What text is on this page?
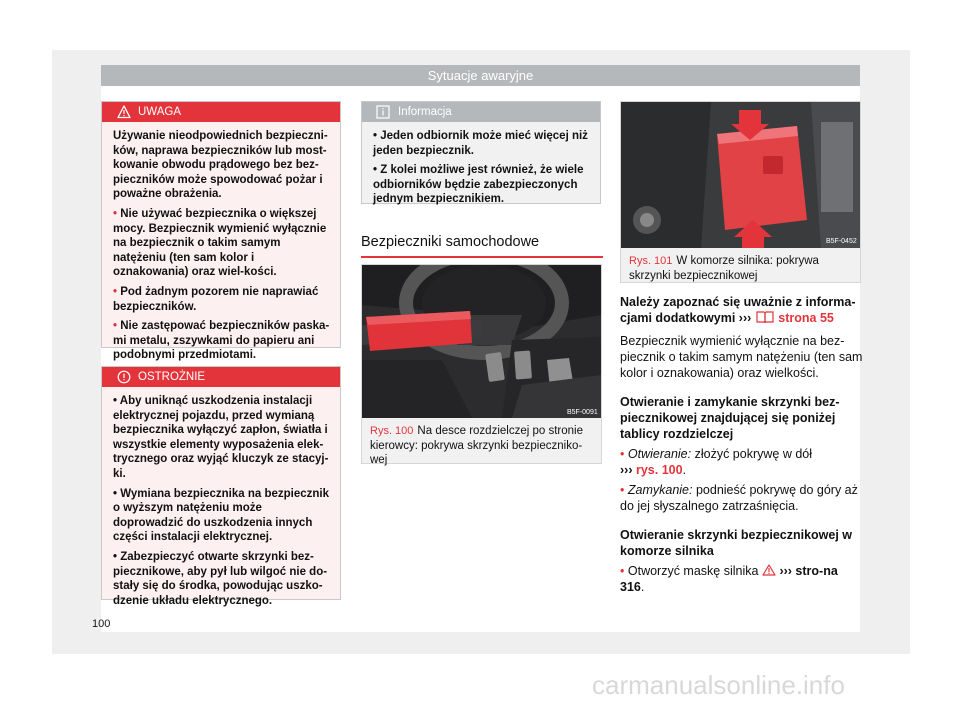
Sytuacje awaryjne
UWAGA

Używanie nieodpowiednich bezpieczni-ków, naprawa bezpieczników lub most-kowanie obwodu prądowego bez bez-pieczników może spowodować pożar i poważne obrażenia.

• Nie używać bezpiecznika o większej mocy. Bezpiecznik wymienić wyłącznie na bezpiecznik o takim samym natężeniu (ten sam kolor i oznakowania) oraz wiel-kości.

• Pod żadnym pozorem nie naprawiać bezpieczników.

• Nie zastępować bezpieczników paska-mi metalu, zszywkami do papieru ani podobnymi przedmiotami.

OSTROŻNIE

• Aby uniknąć uszkodzenia instalacji elektrycznej pojazdu, przed wymianą bezpiecznika wyłączyć zapłon, światła i wszystkie elementy wyposażenia elek-trycznego oraz wyjąć kluczyk ze stacyj-ki.

• Wymiana bezpiecznika na bezpiecznik o wyższym natężeniu może doprowadzić do uszkodzenia innych części instalacji elektrycznej.

• Zabezpieczyć otwarte skrzynki bez-piecznikowe, aby pył lub wilgoć nie do-stały się do środka, powodując uszko-dzenie układu elektrycznego.

Informacja

• Jeden odbiornik może mieć więcej niż jeden bezpiecznik.

• Z kolei możliwe jest również, że wiele odbiorników będzie zabezpieczonych jednym bezpiecznikiem.

Bezpieczniki samochodowe
B5F-0091
Rys. 100 Na desce rozdzielczej po stronie kierowcy: pokrywa skrzynki bezpieczniko-wej
B5F-0452
Rys. 101 W komorze silnika: pokrywa skrzynki bezpiecznikowej

Należy zapoznać się uważnie z informa-cjami dodatkowymi ››› strona 55

Bezpiecznik wymienić wyłącznie na bez-piecznik o takim samym natężeniu (ten sam kolor i oznakowania) oraz wielkości.

Otwieranie i zamykanie skrzynki bez-piecznikowej znajdującej się poniżej tablicy rozdzielczej

• Otwieranie: złożyć pokrywę w dół
››› rys. 100.

• Zamykanie: podnieść pokrywę do góry aż do jej słyszalnego zatrzaśnięcia.

Otwieranie skrzynki bezpiecznikowej w komorze silnika

• Otworzyć maskę silnika ››› stro-na 316.

100
carmanualsonline.info
